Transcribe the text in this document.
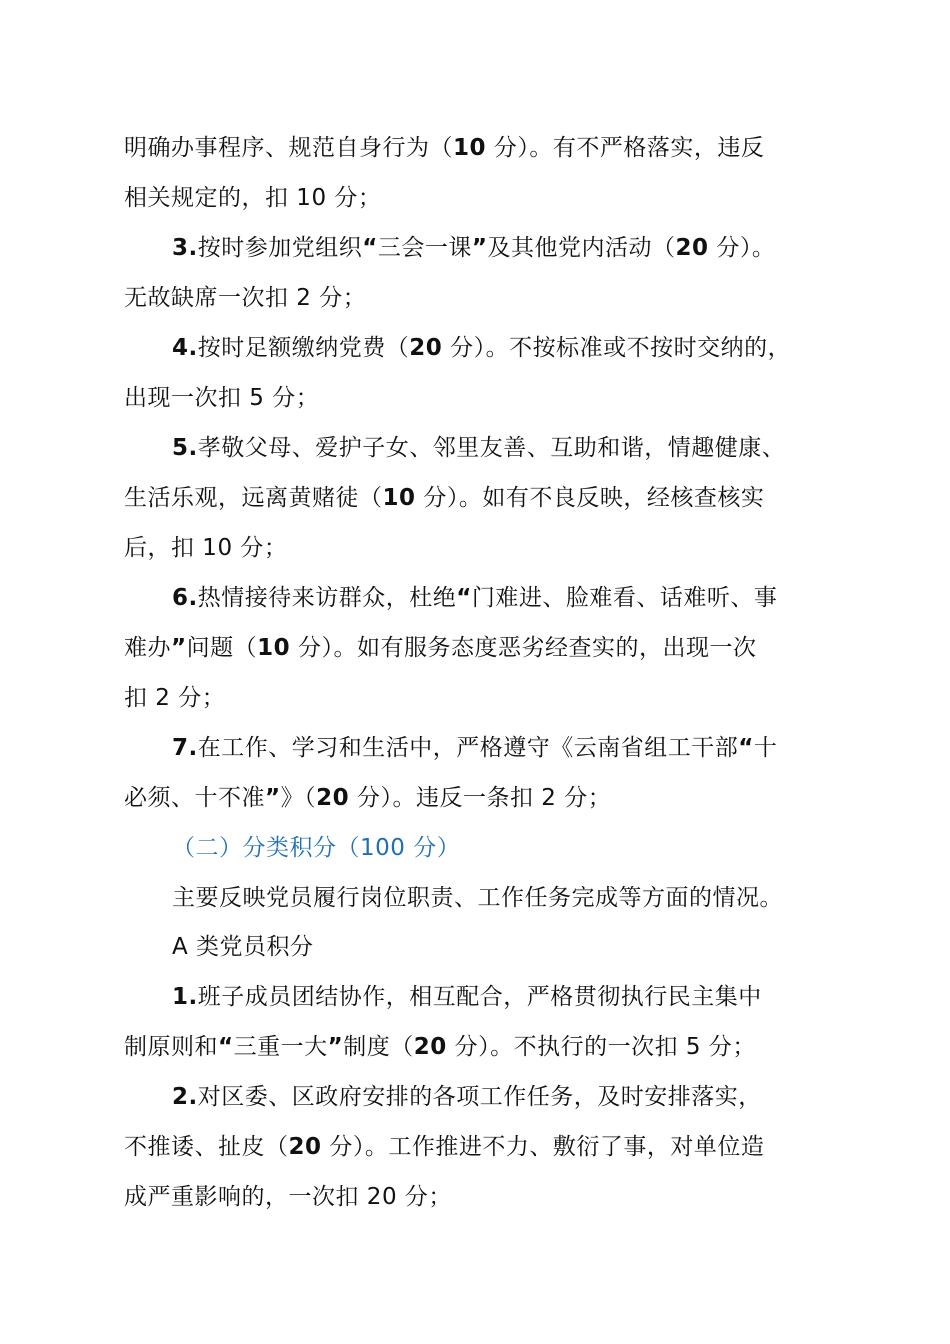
明确办事程序、规范自身行为（10 分）。有不严格落实，违反
相关规定的，扣 10 分；
3.按时参加党组织“三会一课”及其他党内活动（20 分）。
无故缺席一次扣 2 分；
4.按时足额缴纳党费（20 分）。不按标准或不按时交纳的，
出现一次扣 5 分；
5.孝敬父母、爱护子女、邻里友善、互助和谐，情趣健康、
生活乐观，远离黄赌徒（10 分）。如有不良反映，经核查核实
后，扣 10 分；
6.热情接待来访群众，杜绝“门难进、脸难看、话难听、事
难办”问题（10 分）。如有服务态度恶劣经查实的，出现一次
扣 2 分；
7.在工作、学习和生活中，严格遵守《云南省组工干部“十
必须、十不准”》（20 分）。违反一条扣 2 分；
（二）分类积分（100 分）
主要反映党员履行岗位职责、工作任务完成等方面的情况。
A 类党员积分
1.班子成员团结协作，相互配合，严格贯彻执行民主集中
制原则和“三重一大”制度（20 分）。不执行的一次扣 5 分；
2.对区委、区政府安排的各项工作任务，及时安排落实，
不推诿、扯皮（20 分）。工作推进不力、敷衍了事，对单位造
成严重影响的，一次扣 20 分；
